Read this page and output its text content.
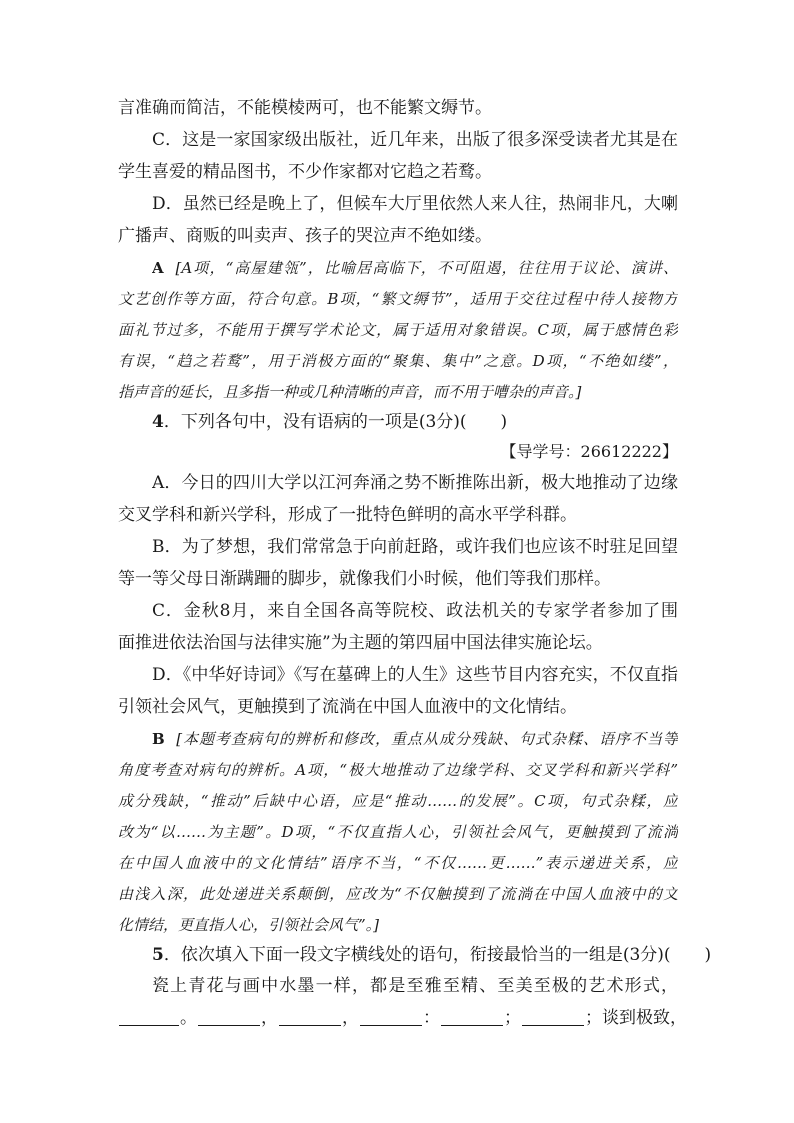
言准确而简洁，不能模棱两可，也不能繁文缛节。
C．这是一家国家级出版社，近几年来，出版了很多深受读者尤其是在
学生喜爱的精品图书，不少作家都对它趋之若鹜。
D．虽然已经是晚上了，但候车大厅里依然人来人往，热闹非凡，大喇
广播声、商贩的叫卖声、孩子的哭泣声不绝如缕。
A [A项，“高屋建瓴”，比喻居高临下，不可阻遏，往往用于议论、演讲、
文艺创作等方面，符合句意。B项，“繁文缛节”，适用于交往过程中待人接物方
面礼节过多，不能用于撰写学术论文，属于适用对象错误。C项，属于感情色彩
有误，“趋之若鹜”，用于消极方面的“聚集、集中”之意。D项，“不绝如缕”，
指声音的延长，且多指一种或几种清晰的声音，而不用于嘈杂的声音。]
4．下列各句中，没有语病的一项是(3分)(　　)
【导学号：26612222】
A．今日的四川大学以江河奔涌之势不断推陈出新，极大地推动了边缘
交叉学科和新兴学科，形成了一批特色鲜明的高水平学科群。
B．为了梦想，我们常常急于向前赶路，或许我们也应该不时驻足回望
等一等父母日渐蹒跚的脚步，就像我们小时候，他们等我们那样。
C．金秋8月，来自全国各高等院校、政法机关的专家学者参加了围
面推进依法治国与法律实施”为主题的第四届中国法律实施论坛。
D．《中华好诗词》《写在墓碑上的人生》这些节目内容充实，不仅直指
引领社会风气，更触摸到了流淌在中国人血液中的文化情结。
B [本题考查病句的辨析和修改，重点从成分残缺、句式杂糅、语序不当等
角度考查对病句的辨析。A项，“极大地推动了边缘学科、交叉学科和新兴学科”
成分残缺，“推动”后缺中心语，应是“推动……的发展”。C项，句式杂糅，应
改为“以……为主题”。D项，“不仅直指人心，引领社会风气，更触摸到了流淌
在中国人血液中的文化情结”语序不当，“不仅……更……”表示递进关系，应
由浅入深，此处递进关系颠倒，应改为“不仅触摸到了流淌在中国人血液中的文
化情结，更直指人心，引领社会风气”。]
5．依次填入下面一段文字横线处的语句，衔接最恰当的一组是(3分)(　　)
瓷上青花与画中水墨一样，都是至雅至精、至美至极的艺术形式，
。	，	，	：	；	；谈到极致，
